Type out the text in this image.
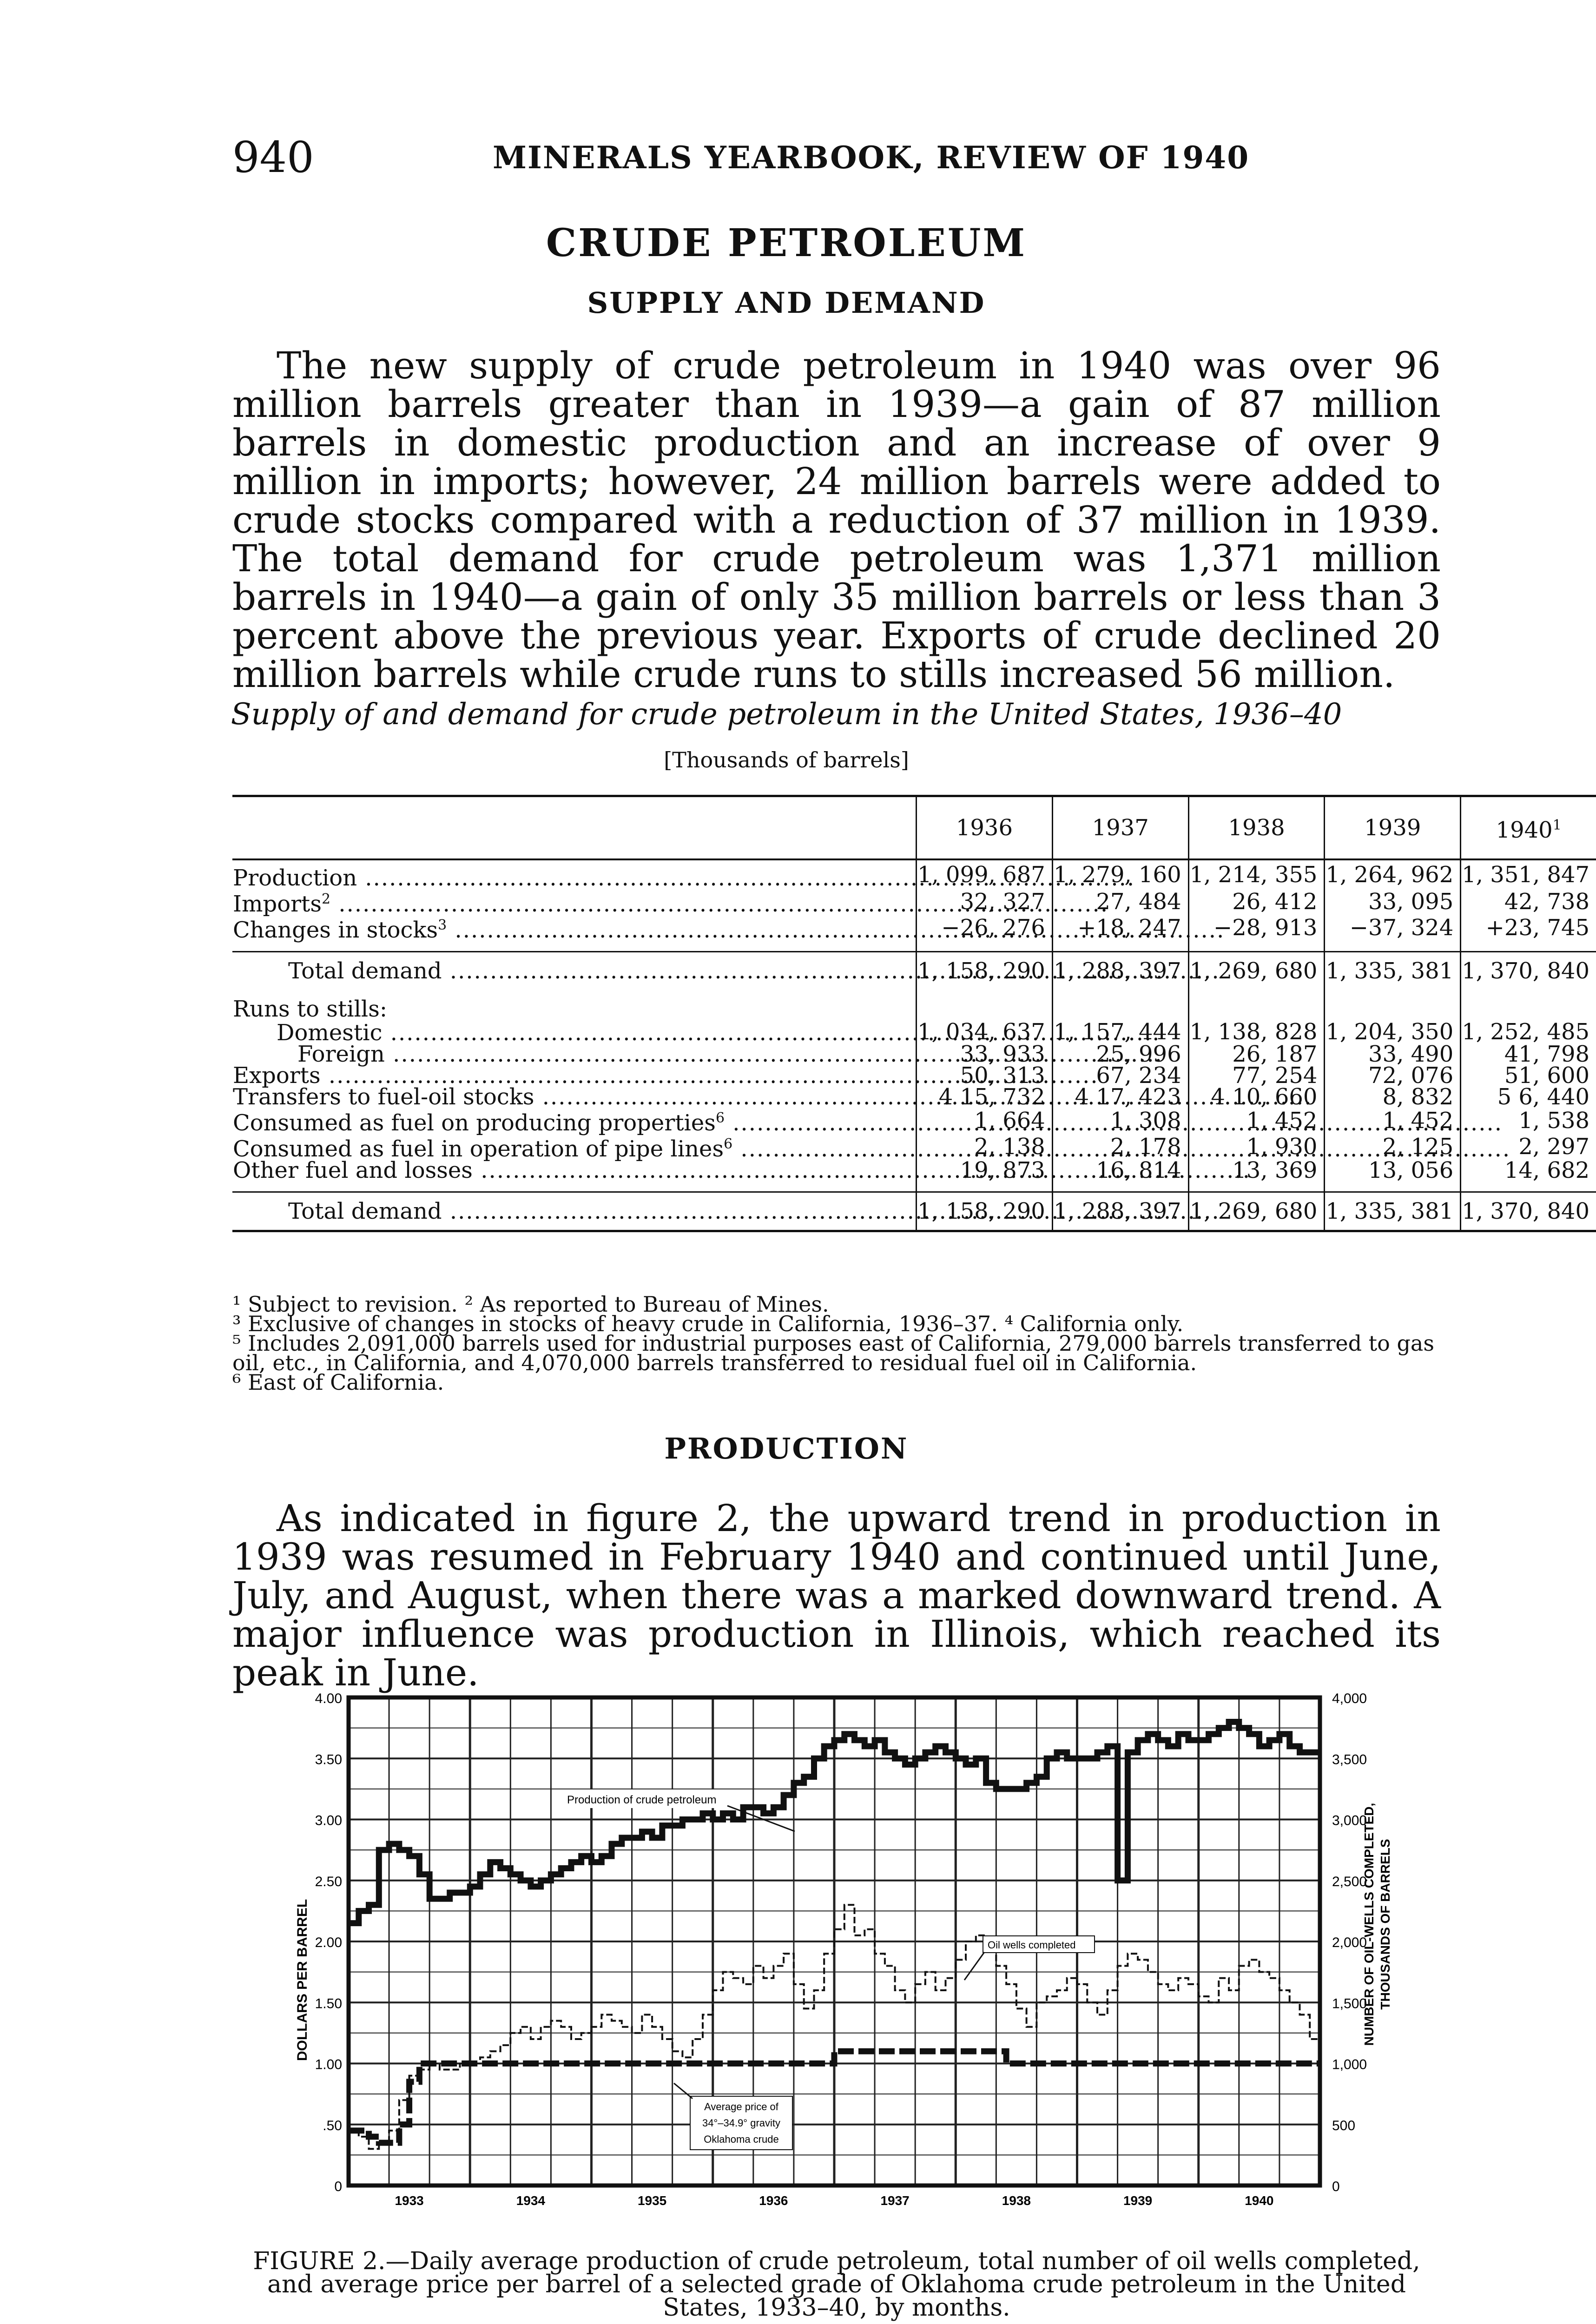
940	MINERALS YEARBOOK, REVIEW OF 1940
CRUDE PETROLEUM
SUPPLY AND DEMAND

The new supply of crude petroleum in 1940 was over 96 million barrels greater than in 1939—a gain of 87 million barrels in domestic production and an increase of over 9 million in imports; however, 24 million barrels were added to crude stocks compared with a reduction of 37 million in 1939. The total demand for crude petroleum was 1,371 million barrels in 1940—a gain of only 35 million barrels or less than 3 percent above the previous year. Exports of crude declined 20 million barrels while crude runs to stills increased 56 million.

Supply of and demand for crude petroleum in the United States, 1936–40
[Thousands of barrels]
	1936	1937	1938	1939	1940$^1$
Production .....	1, 099, 687	1, 279, 160	1, 214, 355	1, 264, 962	1, 351, 847
Imports$^2$ .....	32, 327	27, 484	26, 412	33, 095	42, 738
Changes in stocks$^3$ .....	−26, 276	+18, 247	−28, 913	−37, 324	+23, 745

Total demand .....	1, 158, 290	1, 288, 397	1, 269, 680	1, 335, 381	1, 370, 840
Runs to stills:					
Domestic .....	1, 034, 637	1, 157, 444	1, 138, 828	1, 204, 350	1, 252, 485
Foreign .....	33, 933	25, 996	26, 187	33, 490	41, 798
Exports .....	50, 313	67, 234	77, 254	72, 076	51, 600
Transfers to fuel-oil stocks .....	4 15, 732	4 17, 423	4 10, 660	8, 832	5 6, 440
Consumed as fuel on producing properties$^6$ .....	1, 664	1, 308	1, 452	1, 452	1, 538
Consumed as fuel in operation of pipe lines$^6$ .....	2, 138	2, 178	1, 930	2, 125	2, 297
Other fuel and losses .....	19, 873	16, 814	13, 369	13, 056	14, 682

Total demand .....	1, 158, 290	1, 288, 397	1, 269, 680	1, 335, 381	1, 370, 840

¹ Subject to revision. ² As reported to Bureau of Mines.

³ Exclusive of changes in stocks of heavy crude in California, 1936–37. ⁴ California only.

⁵ Includes 2,091,000 barrels used for industrial purposes east of California, 279,000 barrels transferred to gas oil, etc., in California, and 4,070,000 barrels transferred to residual fuel oil in California.

⁶ East of California.

PRODUCTION

As indicated in figure 2, the upward trend in production in 1939 was resumed in February 1940 and continued until June, July, and August, when there was a marked downward trend. A major influence was production in Illinois, which reached its peak in June.

4.00
3.50
3.00
2.50
2.00
1.50
1.00
.50
0
4,000
3,500
3,000
2,500
2,000
1,500
1,000
500
0
1933	1934	1935	1936	1937	1938	1939	1940
DOLLARS PER BARREL	NUMBER OF OIL-WELLS COMPLETED, THOUSANDS OF BARRELS
Production of crude petroleum
Oil wells completed
Average price of
34°–34.9° gravity
Oklahoma crude
FIGURE 2.—Daily average production of crude petroleum, total number of oil wells completed, and average price per barrel of a selected grade of Oklahoma crude petroleum in the United States, 1933–40, by months.
